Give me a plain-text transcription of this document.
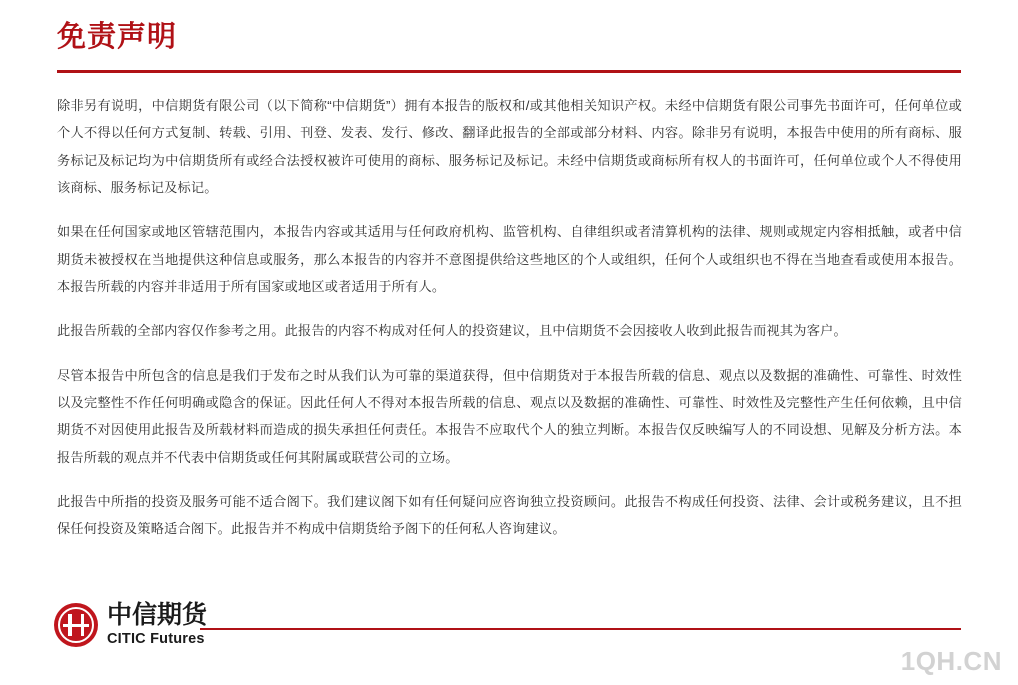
免责声明

除非另有说明，中信期货有限公司（以下简称“中信期货”）拥有本报告的版权和/或其他相关知识产权。未经中信期货有限公司事先书面许可，任何单位或个人不得以任何方式复制、转载、引用、刊登、发表、发行、修改、翻译此报告的全部或部分材料、内容。除非另有说明，本报告中使用的所有商标、服务标记及标记均为中信期货所有或经合法授权被许可使用的商标、服务标记及标记。未经中信期货或商标所有权人的书面许可，任何单位或个人不得使用该商标、服务标记及标记。

如果在任何国家或地区管辖范围内，本报告内容或其适用与任何政府机构、监管机构、自律组织或者清算机构的法律、规则或规定内容相抵触，或者中信期货未被授权在当地提供这种信息或服务，那么本报告的内容并不意图提供给这些地区的个人或组织，任何个人或组织也不得在当地查看或使用本报告。本报告所载的内容并非适用于所有国家或地区或者适用于所有人。

此报告所载的全部内容仅作参考之用。此报告的内容不构成对任何人的投资建议，且中信期货不会因接收人收到此报告而视其为客户。

尽管本报告中所包含的信息是我们于发布之时从我们认为可靠的渠道获得，但中信期货对于本报告所载的信息、观点以及数据的准确性、可靠性、时效性以及完整性不作任何明确或隐含的保证。因此任何人不得对本报告所载的信息、观点以及数据的准确性、可靠性、时效性及完整性产生任何依赖，且中信期货不对因使用此报告及所载材料而造成的损失承担任何责任。本报告不应取代个人的独立判断。本报告仅反映编写人的不同设想、见解及分析方法。本报告所载的观点并不代表中信期货或任何其附属或联营公司的立场。

此报告中所指的投资及服务可能不适合阁下。我们建议阁下如有任何疑问应咨询独立投资顾问。此报告不构成任何投资、法律、会计或税务建议，且不担保任何投资及策略适合阁下。此报告并不构成中信期货给予阁下的任何私人咨询建议。

中信期货
CITIC Futures
1QH.CN
